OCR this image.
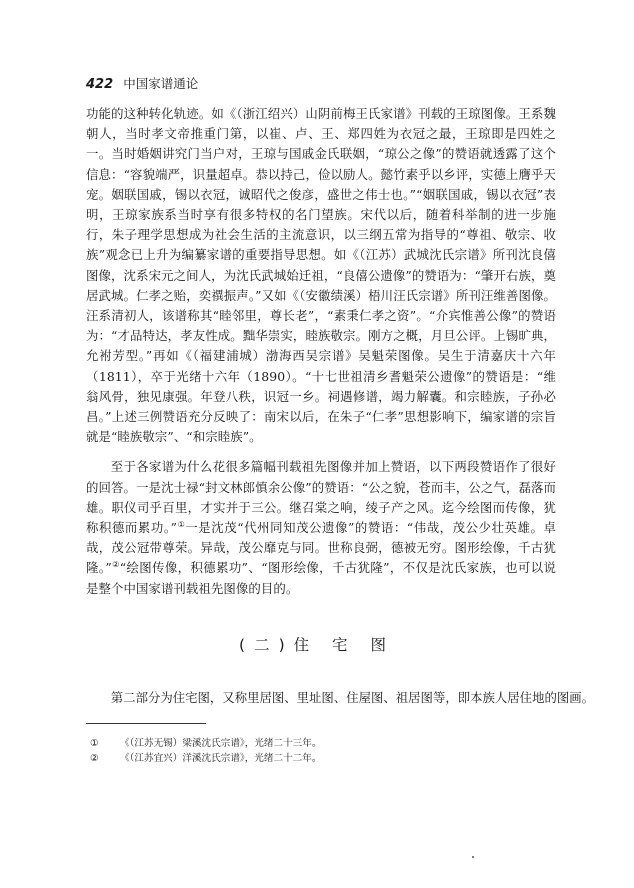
422 中国家谱通论

功能的这种转化轨迹。如《（浙江绍兴）山阴前梅王氏家谱》刊载的王琼图像。王系魏朝人，当时孝文帝推重门第，以崔、卢、王、郑四姓为衣冠之最，王琼即是四姓之一。当时婚姻讲究门当户对，王琼与国戚金氏联姻，“琼公之像”的赞语就透露了这个信息：“容貌端严，识量超卓。恭以持己，俭以励人。懿竹素乎以乡评，实德上膺乎天宠。姻联国戚，锡以衣冠，诚昭代之俊彦，盛世之伟士也。”“姻联国戚，锡以衣冠”表明，王琼家族系当时享有很多特权的名门望族。宋代以后，随着科举制的进一步施行，朱子理学思想成为社会生活的主流意识，以三纲五常为指导的“尊祖、敬宗、收族”观念已上升为编纂家谱的重要指导思想。如《（江苏）武城沈氏宗谱》所刊沈良僖图像，沈系宋元之间人，为沈氏武城始迁祖，“良僖公遗像”的赞语为：“肇开右族，奠居武城。仁孝之贻，奕禩振声。”又如《（安徽绩溪）梧川汪氏宗谱》所刊汪维善图像。汪系清初人，该谱称其“睦邻里，尊长老”，“素秉仁孝之资”。“介宾惟善公像”的赞语为：“才品特达，孝友性成。黜华崇实，睦族敬宗。刚方之概，月旦公评。上锡旷典，允袝芳型。”再如《（福建浦城）渤海西吴宗谱》吴魁荣图像。吴生于清嘉庆十六年（1811），卒于光绪十六年（1890）。“十七世祖清乡耆魁荣公遗像”的赞语是：“维翁风骨，独见康强。年登八秩，识冠一乡。祠遇修谱，竭力解囊。和宗睦族，子孙必昌。”上述三例赞语充分反映了：南宋以后，在朱子“仁孝”思想影响下，编家谱的宗旨就是“睦族敬宗”、“和宗睦族”。

至于各家谱为什么花很多篇幅刊载祖先图像并加上赞语，以下两段赞语作了很好的回答。一是沈士禄“封文林郎慎余公像”的赞语：“公之貌，苍而丰，公之气，磊落而雄。职仪司乎百里，才实并于三公。继召棠之响，绫子产之风。迄今绘图而传像，犹称积德而累功。”①一是沈茂“代州同知茂公遗像”的赞语：“伟哉，茂公少壮英雄。卓哉，茂公冠带尊荣。异哉，茂公靡克与同。世称良弼，德被无穷。图形绘像，千古犹隆。”②“绘图传像，积德累功”、“图形绘像，千古犹隆”，不仅是沈氏家族，也可以说是整个中国家谱刊载祖先图像的目的。

(二)住 宅 图
第二部分为住宅图，又称里居图、里址图、住屋图、祖居图等，即本族人居住地的图画。
①	《（江苏无锡）梁溪沈氏宗谱》，光绪二十三年。
②	《（江苏宜兴）洋溪沈氏宗谱》，光绪二十二年。
